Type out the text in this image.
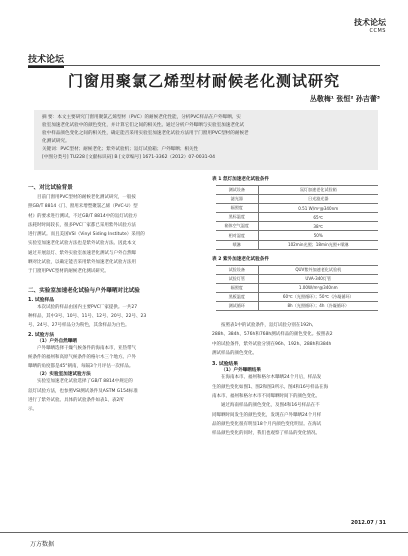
技术论坛
CCMS
技术论坛
门窗用聚氯乙烯型材耐候老化测试研究
丛敬梅¹ 张恒² 孙吉蕾³

摘 要：本文主要研究门窗用聚氯乙烯型材（PVC）的耐候老化性能，分析PVC样品在户外曝晒、实

验室加速老化试验中的颜色变化，并计算它们之间的相关性。通过分析户外曝晒与实验室加速老化试

验中样品颜色变化之间的相关性，确定能否采用实验室加速老化试验方法用于门窗用PVC型材的耐候老

化测试研究。

关键词：PVC型材；耐候老化；紫外试验机；氙灯试验箱；户外曝晒；相关性

[中图分类号] TU228 [文献标识码] B [文章编号] 1671-3362（2012）07-0031-04

一、对比试验背景
目前门窗用PVC型材的耐候老化测试研究，一般按
照GB/T 8814《门、窗用未增塑聚氯乙烯（PVC-U）型
材》的要求进行测试。不过GB/T 8814中的氙灯试验方
法耗时时间较长，很多PVC厂家都已采用紫外试验方法
进行测试。而且美国VSI（Vinyl Siding Institute）采用的
实验室加速老化试验方法也是紫外试验方法。因此本文
通过开展氙灯、紫外实验室加速老化测试与户外自然曝
晒对比试验，以确定能否采用紫外加速老化试验方法用
于门窗用PVC型材的耐候老化测试研究。
二、实验室加速老化试验与户外曝晒对比试验
1. 试验样品
本次试验的样品由国内主要PVC厂家提供。一共27
种样品，其中3号、10号、11号、12号、20号、22号、23
号、24号、27号样品分为粉色，其余样品为白色。
2. 试验方法
（1）户外自然曝晒
户外曝晒选择干燥气候条件的海南本市，亚热带气
候条件的福州和高原气候条件的格尔木三个地方。户外
曝晒的角度都是45°朝南，每隔3个月评估一次样品。
（2）实验室加速试验方法
实验室加速老化试验选择了GB/T 8814中规定的
氙灯试验方法，也参照VSI测试条件及ASTM G154标准
进行了紫外试验。具体的试验条件如表1、表2所
示。
表 1 氙灯加速老化试验条件
测试设备	氙灯加速老化试验箱
滤光器	日光滤光器
辐照度	0.51 W/m²@340nm
黑标温度	65℃
箱体空气温度	38℃
相对湿度	50%
喷淋	102min光照；18min光照+喷淋
表 2 紫外加速老化试验条件
试验设备	QUV紫外加速老化试验机
试验灯管	UVA-340灯管
辐照度	1.00W/m²@340nm
黑板温度	60℃（光照循环）；50℃（冷凝循环）
测试循环	8h（光照循环）；4h（冷凝循环）
按照表1中的试验条件，氙灯试验分别在192h、
288h、384h、576h和768h测试样品的颜色变化。按照表2
中的试验条件，紫外试验分别在96h、192h、288h和384h
测试样品的颜色变化。
3. 试验结果
（1）户外曝晒结果
在海南本市、福州和格尔木曝晒24个月后，样品发
生的颜色变化如图1、图2和图3所示。图4和16号样品在海
南本市、福州和格尔木市不同曝晒时间下的颜色变化。
通过海南样品的颜色变化，及图4和16号样品在不
同曝晒时间发生的颜色变化，发现在户外曝晒24个月样
品的颜色变化很有明显18个月内颜色变化明显。在海试
样品颜色变化的同时，我们也观察了样品的变化情况。
2012.07 / 31
万方数据
